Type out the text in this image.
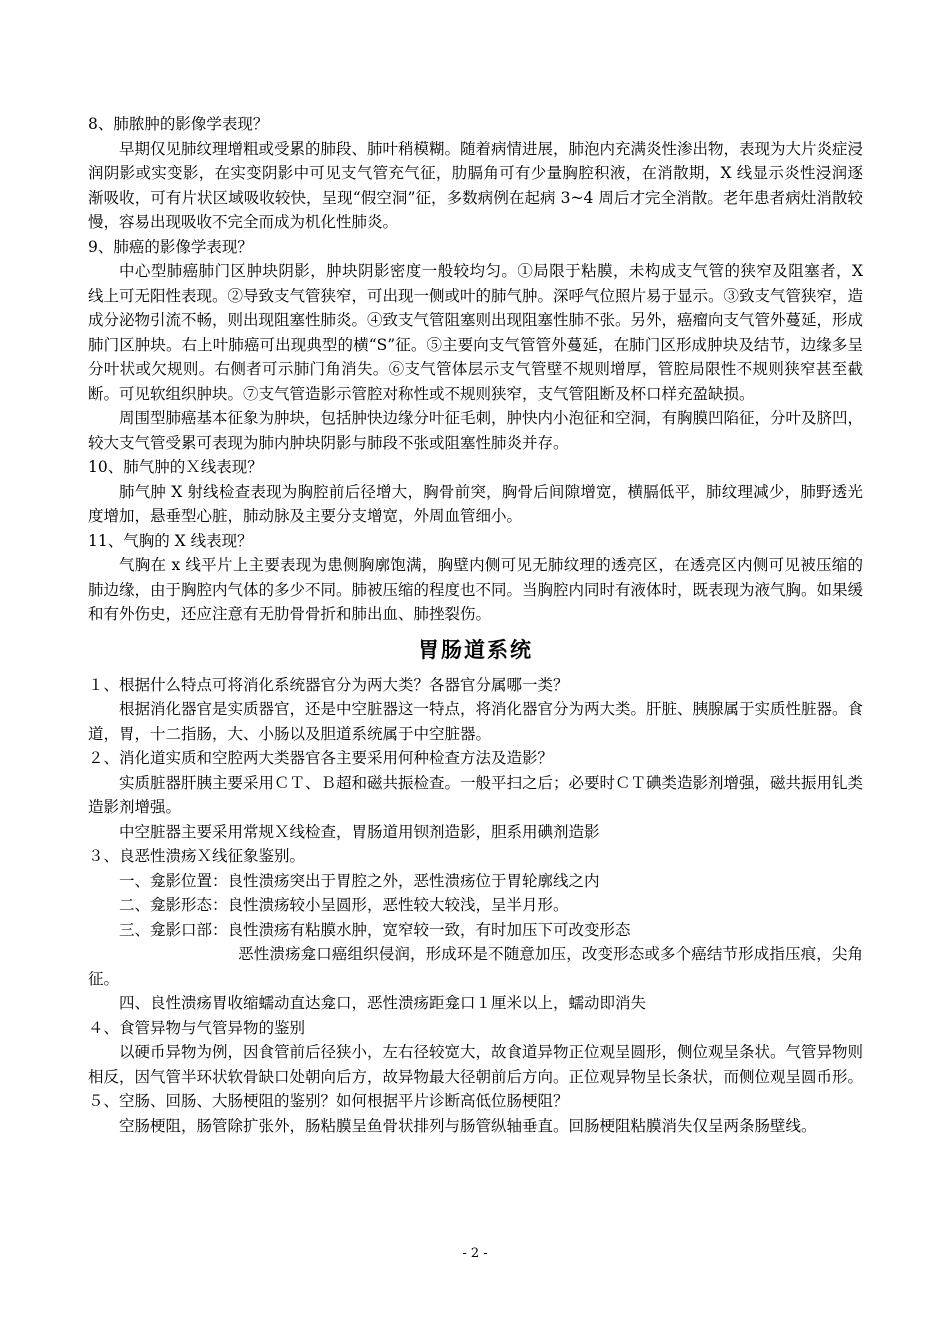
8、肺脓肿的影像学表现？

早期仅见肺纹理增粗或受累的肺段、肺叶稍模糊。随着病情进展，肺泡内充满炎性渗出物，表现为大片炎症浸润阴影或实变影，在实变阴影中可见支气管充气征，肋膈角可有少量胸腔积液，在消散期，X 线显示炎性浸润逐渐吸收，可有片状区域吸收较快，呈现“假空洞”征，多数病例在起病 3~4 周后才完全消散。老年患者病灶消散较慢，容易出现吸收不完全而成为机化性肺炎。

9、肺癌的影像学表现？

中心型肺癌肺门区肿块阴影，肿块阴影密度一般较均匀。①局限于粘膜，未构成支气管的狭窄及阻塞者，X 线上可无阳性表现。②导致支气管狭窄，可出现一侧或叶的肺气肿。深呼气位照片易于显示。③致支气管狭窄，造成分泌物引流不畅，则出现阻塞性肺炎。④致支气管阻塞则出现阻塞性肺不张。另外，癌瘤向支气管外蔓延，形成肺门区肿块。右上叶肺癌可出现典型的横“S”征。⑤主要向支气管管外蔓延，在肺门区形成肿块及结节，边缘多呈分叶状或欠规则。右侧者可示肺门角消失。⑥支气管体层示支气管壁不规则增厚，管腔局限性不规则狭窄甚至截断。可见软组织肿块。⑦支气管造影示管腔对称性或不规则狭窄，支气管阻断及杯口样充盈缺损。

周围型肺癌基本征象为肿块，包括肿快边缘分叶征毛刺，肿快内小泡征和空洞，有胸膜凹陷征，分叶及脐凹，较大支气管受累可表现为肺内肿块阴影与肺段不张或阻塞性肺炎并存。

10、肺气肿的Ｘ线表现？

肺气肿 X 射线检查表现为胸腔前后径增大，胸骨前突，胸骨后间隙增宽，横膈低平，肺纹理减少，肺野透光度增加，悬垂型心脏，肺动脉及主要分支增宽，外周血管细小。

11、气胸的 X 线表现？

气胸在 x 线平片上主要表现为患侧胸廓饱满，胸壁内侧可见无肺纹理的透亮区，在透亮区内侧可见被压缩的肺边缘，由于胸腔内气体的多少不同。肺被压缩的程度也不同。当胸腔内同时有液体时，既表现为液气胸。如果缓和有外伤史，还应注意有无肋骨骨折和肺出血、肺挫裂伤。

胃肠道系统

１、根据什么特点可将消化系统器官分为两大类？各器官分属哪一类？

根据消化器官是实质器官，还是中空脏器这一特点，将消化器官分为两大类。肝脏、胰腺属于实质性脏器。食道，胃，十二指肠，大、小肠以及胆道系统属于中空脏器。

２、消化道实质和空腔两大类器官各主要采用何种检查方法及造影？

实质脏器肝胰主要采用ＣＴ、Ｂ超和磁共振检查。一般平扫之后；必要时ＣＴ碘类造影剂增强，磁共振用钆类造影剂增强。

中空脏器主要采用常规Ｘ线检查，胃肠道用钡剂造影，胆系用碘剂造影

３、良恶性溃疡Ｘ线征象鉴别。

一、龛影位置：良性溃疡突出于胃腔之外，恶性溃疡位于胃轮廓线之内

二、龛影形态：良性溃疡较小呈圆形，恶性较大较浅，呈半月形。

三、龛影口部：良性溃疡有粘膜水肿，宽窄较一致，有时加压下可改变形态

恶性溃疡龛口癌组织侵润，形成环是不随意加压，改变形态或多个癌结节形成指压痕，尖角征。

四、良性溃疡胃收缩蠕动直达龛口，恶性溃疡距龛口１厘米以上，蠕动即消失

４、食管异物与气管异物的鉴别

以硬币异物为例，因食管前后径狭小，左右径较宽大，故食道异物正位观呈圆形，侧位观呈条状。气管异物则相反，因气管半环状软骨缺口处朝向后方，故异物最大径朝前后方向。正位观异物呈长条状，而侧位观呈圆币形。

５、空肠、回肠、大肠梗阻的鉴别？如何根据平片诊断高低位肠梗阻？

空肠梗阻，肠管除扩张外，肠粘膜呈鱼骨状排列与肠管纵轴垂直。回肠梗阻粘膜消失仅呈两条肠壁线。

- 2 -
